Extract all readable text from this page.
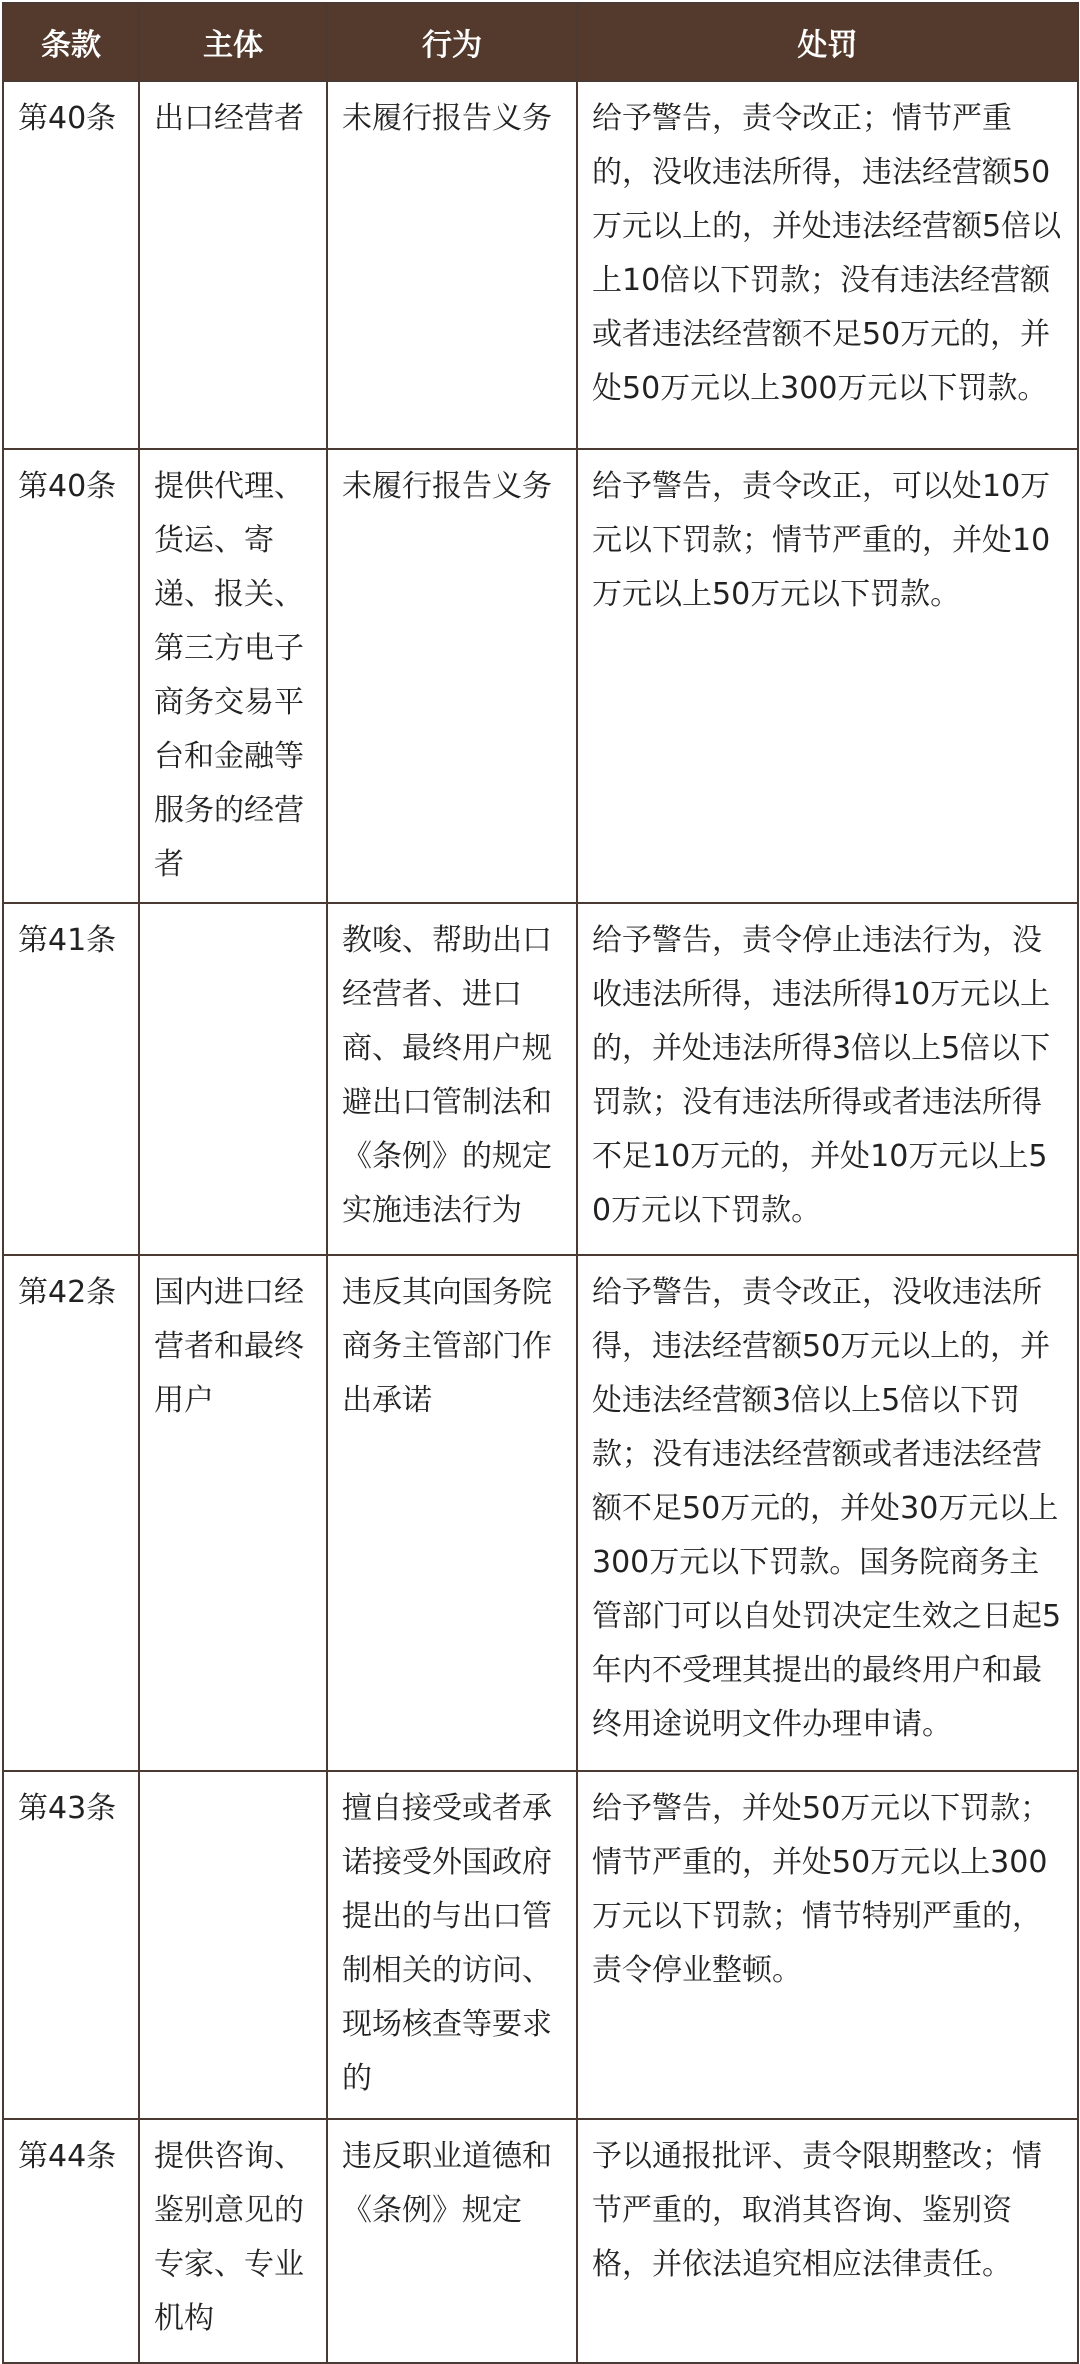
条款	主体	行为	处罚
第40条	出口经营者	未履行报告义务	给予警告，责令改正；情节严重的，没收违法所得，违法经营额50万元以上的，并处违法经营额5倍以上10倍以下罚款；没有违法经营额或者违法经营额不足50万元的，并处50万元以上300万元以下罚款。
第40条	提供代理、货运、寄递、报关、第三方电子商务交易平台和金融等服务的经营者	未履行报告义务	给予警告，责令改正，可以处10万元以下罚款；情节严重的，并处10万元以上50万元以下罚款。
第41条		教唆、帮助出口经营者、进口商、最终用户规避出口管制法和《条例》的规定实施违法行为	给予警告，责令停止违法行为，没收违法所得，违法所得10万元以上的，并处违法所得3倍以上5倍以下罚款；没有违法所得或者违法所得不足10万元的，并处10万元以上50万元以下罚款。
第42条	国内进口经营者和最终用户	违反其向国务院商务主管部门作出承诺	给予警告，责令改正，没收违法所得，违法经营额50万元以上的，并处违法经营额3倍以上5倍以下罚款；没有违法经营额或者违法经营额不足50万元的，并处30万元以上300万元以下罚款。国务院商务主管部门可以自处罚决定生效之日起5年内不受理其提出的最终用户和最终用途说明文件办理申请。
第43条		擅自接受或者承诺接受外国政府提出的与出口管制相关的访问、现场核查等要求的	给予警告，并处50万元以下罚款；情节严重的，并处50万元以上300万元以下罚款；情节特别严重的，责令停业整顿。
第44条	提供咨询、鉴别意见的专家、专业机构	违反职业道德和《条例》规定	予以通报批评、责令限期整改；情节严重的，取消其咨询、鉴别资格，并依法追究相应法律责任。
